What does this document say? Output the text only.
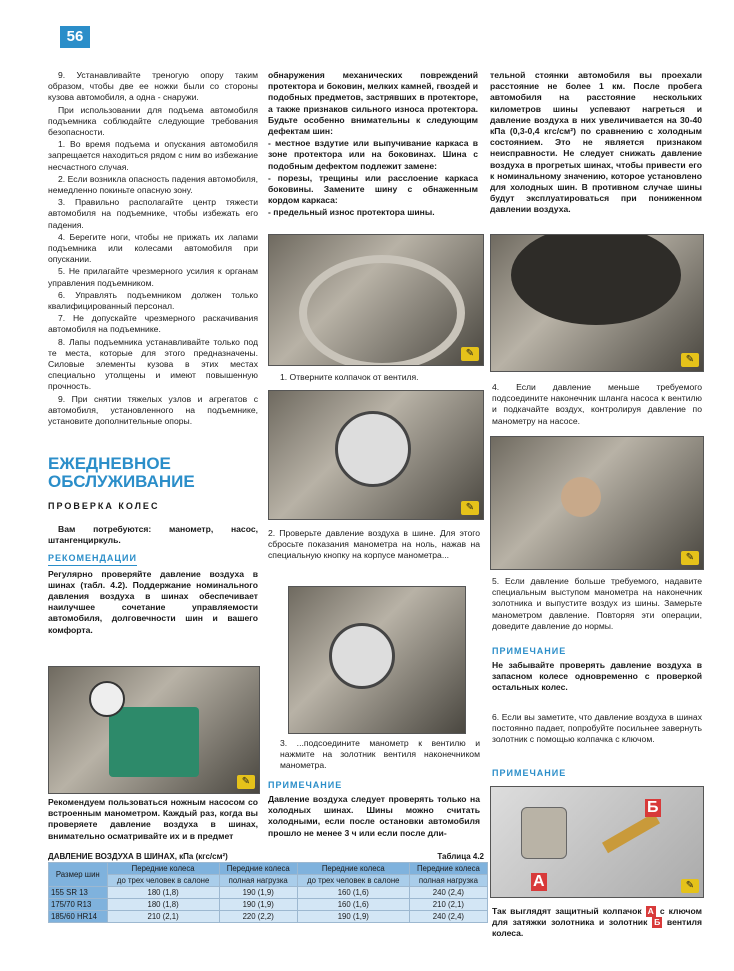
56

9. Устанавливайте треногую опору таким образом, чтобы две ее ножки были со стороны кузова автомобиля, а одна - снаружи.

При использовании для подъема автомобиля подъемника соблюдайте следующие требования безопасности.

1. Во время подъема и опускания автомобиля запрещается находиться рядом с ним во избежание несчастного случая.

2. Если возникла опасность падения автомобиля, немедленно покиньте опасную зону.

3. Правильно располагайте центр тяжести автомобиля на подъемнике, чтобы избежать его падения.

4. Берегите ноги, чтобы не прижать их лапами подъемника или колесами автомобиля при опускании.

5. Не прилагайте чрезмерного усилия к органам управления подъемником.

6. Управлять подъемником должен только квалифицированный персонал.

7. Не допускайте чрезмерного раскачивания автомобиля на подъемнике.

8. Лапы подъемника устанавливайте только под те места, которые для этого предназначены. Силовые элементы кузова в этих местах специально утолщены и имеют повышенную прочность.

9. При снятии тяжелых узлов и агрегатов с автомобиля, установленного на подъемнике, установите дополнительные опоры.

ЕЖЕДНЕВНОЕ
ОБСЛУЖИВАНИЕ
ПРОВЕРКА КОЛЕС

Вам потребуются: манометр, насос, штангенциркуль.

РЕКОМЕНДАЦИИ

Регулярно проверяйте давление воздуха в шинах (табл. 4.2). Поддержание номинального давления воздуха в шинах обеспечивает наилучшее сочетание управляемости автомобиля, долговечности шин и вашего комфорта.

✎
Рекомендуем пользоваться ножным насосом со встроенным манометром. Каждый раз, когда вы проверяете давление воздуха в шинах, внимательно осматривайте их и в предмет

обнаружения механических повреждений протектора и боковин, мелких камней, гвоздей и подобных предметов, застрявших в протекторе, а также признаков сильного износа протектора. Будьте особенно внимательны к следующим дефектам шин:

- местное вздутие или выпучивание каркаса в зоне протектора или на боковинах. Шина с подобным дефектом подлежит замене:

- порезы, трещины или расслоение каркаса боковины. Замените шину с обнаженным кордом каркаса:

- предельный износ протектора шины.

✎
1. Отверните колпачок от вентиля.
✎
2. Проверьте давление воздуха в шине. Для этого сбросьте показания манометра на ноль, нажав на специальную кнопку на корпусе манометра...
3. ...подсоедините манометр к вентилю и нажмите на золотник вентиля наконечником манометра.
ПРИМЕЧАНИЕ
Давление воздуха следует проверять только на холодных шинах. Шины можно считать холодными, если после остановки автомобиля прошло не менее 3 ч или если после дли-

тельной стоянки автомобиля вы проехали расстояние не более 1 км. После пробега автомобиля на расстояние нескольких километров шины успевают нагреться и давление воздуха в них увеличивается на 30-40 кПа (0,3-0,4 кгс/см²) по сравнению с холодным состоянием. Это не является признаком неисправности. Не следует снижать давление воздуха в прогретых шинах, чтобы привести его к номинальному значению, которое установлено для холодных шин. В противном случае шины будут эксплуатироваться при пониженном давлении воздуха.

✎
4. Если давление меньше требуемого подсоедините наконечник шланга насоса к вентилю и подкачайте воздух, контролируя давление по манометру на насосе.
✎
5. Если давление больше требуемого, надавите специальным выступом манометра на наконечник золотника и выпустите воздух из шины. Замерьте манометром давление. Повторяя эти операции, доведите давление до нормы.
ПРИМЕЧАНИЕ
Не забывайте проверять давление воздуха в запасном колесе одновременно с проверкой остальных колес.
6. Если вы заметите, что давление воздуха в шинах постоянно падает, попробуйте посильнее завернуть золотник с помощью колпачка с ключом.
ПРИМЕЧАНИЕ
А
Б
✎
Так выглядят защитный колпачок А с ключом для затяжки золотника и золотник Б вентиля колеса.
ДАВЛЕНИЕ ВОЗДУХА В ШИНАХ, кПа (кгс/см²)	Таблица 4.2
Размер шин	Передние колеса	Передние колеса	Передние колеса	Передние колеса
	до трех человек в салоне	полная нагрузка	до трех человек в салоне	полная нагрузка
155 SR 13	180 (1,8)	190 (1,9)	160 (1,6)	240 (2,4)
175/70 R13	180 (1,8)	190 (1,9)	160 (1,6)	210 (2,1)
185/60 HR14	210 (2,1)	220 (2,2)	190 (1,9)	240 (2,4)
